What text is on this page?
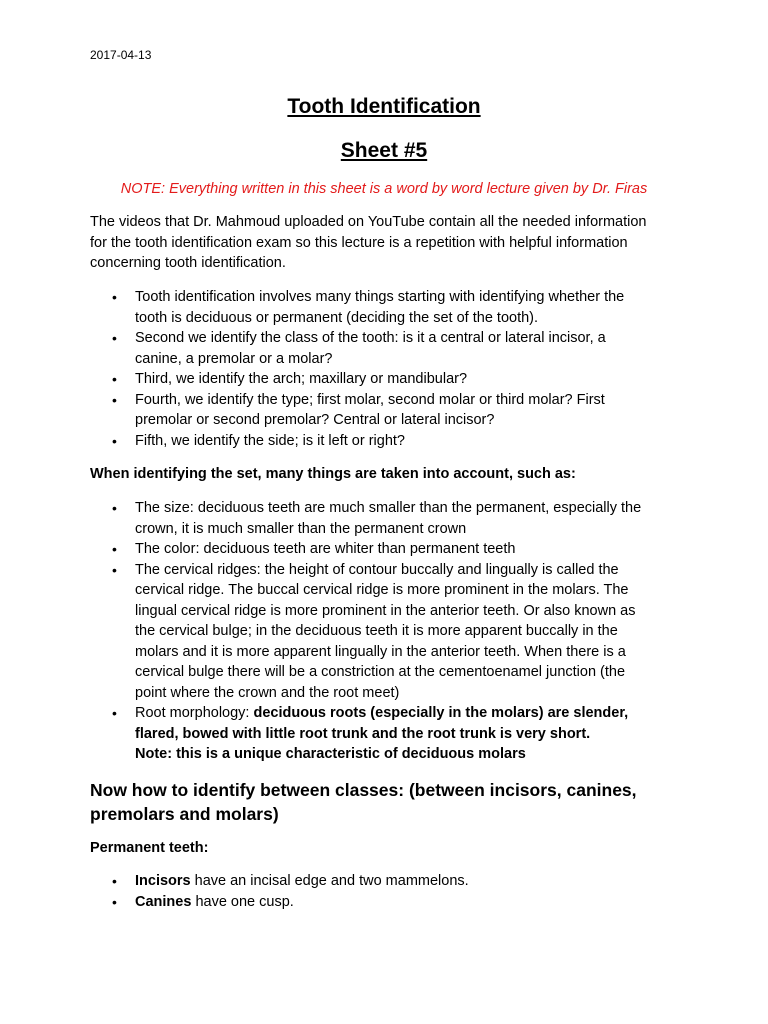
2017-04-13
Tooth Identification
Sheet #5
NOTE: Everything written in this sheet is a word by word lecture given by Dr. Firas
The videos that Dr. Mahmoud uploaded on YouTube contain all the needed information
for the tooth identification exam so this lecture is a repetition with helpful information
concerning tooth identification.
• Tooth identification involves many things starting with identifying whether the
tooth is deciduous or permanent (deciding the set of the tooth).
• Second we identify the class of the tooth: is it a central or lateral incisor, a
canine, a premolar or a molar?
• Third, we identify the arch; maxillary or mandibular?
• Fourth, we identify the type; first molar, second molar or third molar? First
premolar or second premolar? Central or lateral incisor?
• Fifth, we identify the side; is it left or right?
When identifying the set, many things are taken into account, such as:
• The size: deciduous teeth are much smaller than the permanent, especially the
crown, it is much smaller than the permanent crown
• The color: deciduous teeth are whiter than permanent teeth
• The cervical ridges: the height of contour buccally and lingually is called the
cervical ridge. The buccal cervical ridge is more prominent in the molars. The
lingual cervical ridge is more prominent in the anterior teeth. Or also known as
the cervical bulge; in the deciduous teeth it is more apparent buccally in the
molars and it is more apparent lingually in the anterior teeth. When there is a
cervical bulge there will be a constriction at the cementoenamel junction (the
point where the crown and the root meet)
• Root morphology: deciduous roots (especially in the molars) are slender,
flared, bowed with little root trunk and the root trunk is very short.
Note: this is a unique characteristic of deciduous molars
Now how to identify between classes: (between incisors, canines,
premolars and molars)
Permanent teeth:
• Incisors have an incisal edge and two mammelons.
• Canines have one cusp.
